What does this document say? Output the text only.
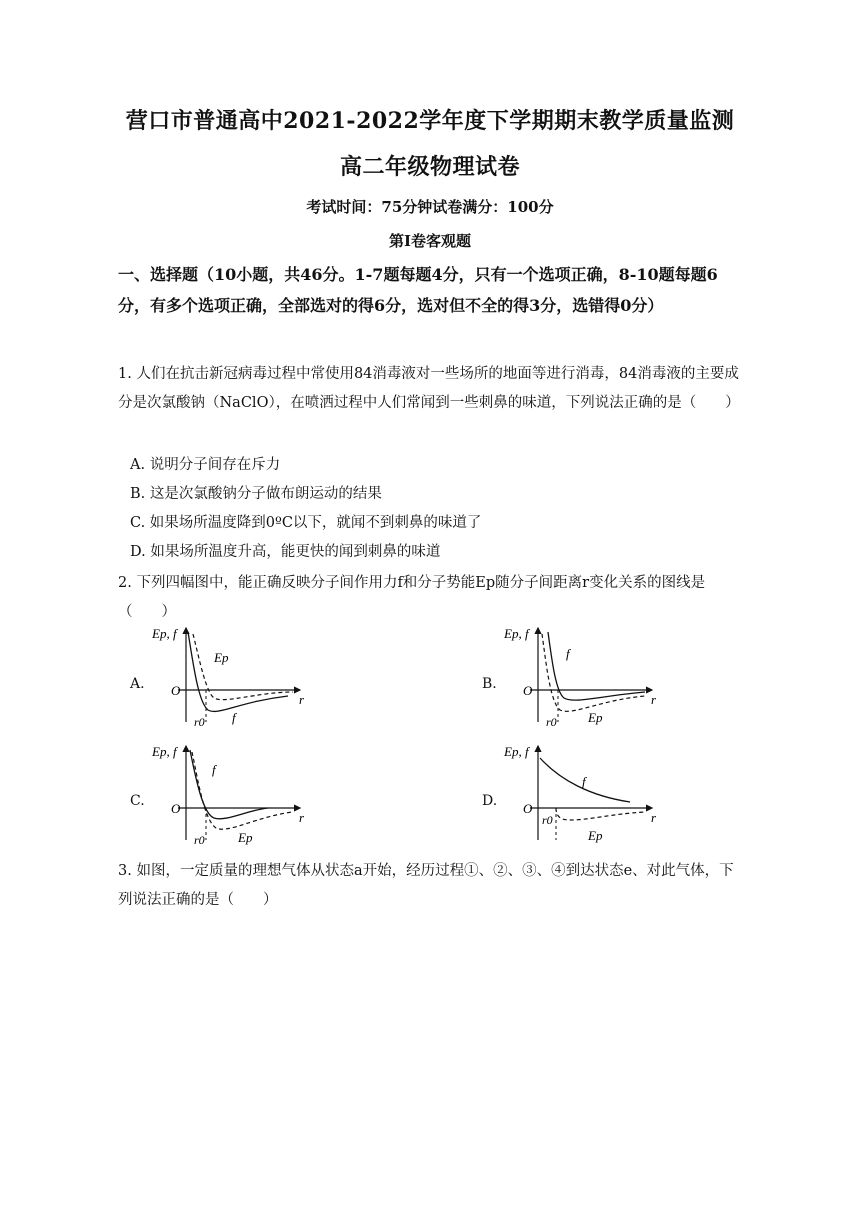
营口市普通高中2021-2022学年度下学期期末教学质量监测
高二年级物理试卷
考试时间：75分钟试卷满分：100分
第Ⅰ卷客观题
一、选择题（10小题，共46分。1-7题每题4分，只有一个选项正确，8-10题每题6分，有多个选项正确，全部选对的得6分，选对但不全的得3分，选错得0分）
1. 人们在抗击新冠病毒过程中常使用84消毒液对一些场所的地面等进行消毒，84消毒液的主要成分是次氯酸钠（NaClO），在喷洒过程中人们常闻到一些刺鼻的味道，下列说法正确的是（　　）
A. 说明分子间存在斥力
B. 这是次氯酸钠分子做布朗运动的结果
C. 如果场所温度降到0ºC以下，就闻不到刺鼻的味道了
D. 如果场所温度升高，能更快的闻到刺鼻的味道
2. 下列四幅图中，能正确反映分子间作用力f和分子势能Ep随分子间距离r变化关系的图线是（　　）
A.
Ep, f
O
r
Ep
f
r0
B.
Ep, f
O
r
f
Ep
r0
C.
Ep, f
O
r
f
Ep
r0
D.
Ep, f
O
r
f
Ep
r0
3. 如图，一定质量的理想气体从状态a开始，经历过程①、②、③、④到达状态e、对此气体，下列说法正确的是（　　）
